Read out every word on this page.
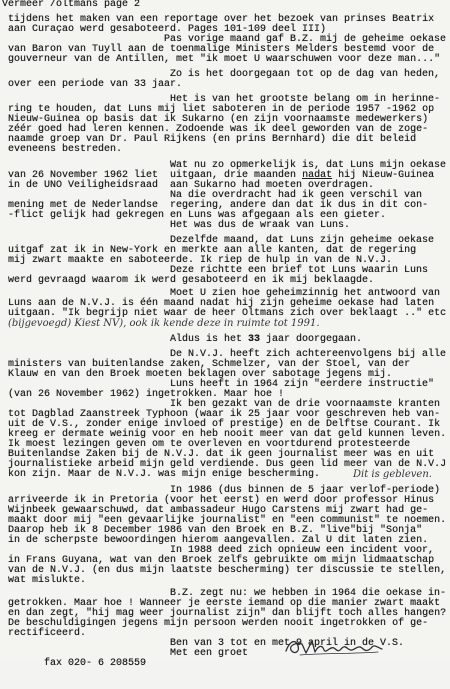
Vermeer /oltmans page 2
tijdens het maken van een reportage over het bezoek van prinses Beatrix
aan Curaçao werd gesaboteerd. Pages 101-109 deel III)
Pas vorige maand gaf B.Z. mij de geheime oekase
van Baron van Tuyll aan de toenmalige Ministers Melders bestemd voor de
gouverneur van de Antillen, met "ik moet U waarschuwen voor deze man..."
Zo is het doorgegaan tot op de dag van heden,
over een periode van 33 jaar.
Het is van het grootste belang om in herinne-
ring te houden, dat Luns mij liet saboteren in de periode 1957 -1962 op
Nieuw-Guinea op basis dat ik Sukarno (en zijn voornaamste medewerkers)
zéér goed had leren kennen. Zodoende was ik deel geworden van de zoge-
naamde groep van Dr. Paul Rijkens (en prins Bernhard) die dit beleid
eveneens bestreden.
Wat nu zo opmerkelijk is, dat Luns mijn oekase
van 26 November 1962 liet  uitgaan, drie maanden nadat hij Nieuw-Guinea
in de UNO Veiligheidsraad  aan Sukarno had moeten overdragen.
Na die overdracht had ik geen verschil van
mening met de Nederlandse  regering, andere dan dat ik dus in dit con-
-flict gelijk had gekregen en Luns was afgegaan als een gieter.
Het was dus de wraak van Luns.
Dezelfde maand, dat Luns zijn geheime oekase
uitgaf zat ik in New-York en merkte aan alle kanten, dat de regering
mij zwart maakte en saboteerde. Ik riep de hulp in van de N.V.J.
Deze richtte een brief tot Luns waarin Luns
werd gevraagd waarom ik werd gesaboteerd en ik mij beklaagde.
Moet U zien hoe geheimzinnig het antwoord van
Luns aan de N.V.J. is één maand nadat hij zijn geheime oekase had laten
uitgaan. "Ik begrijp niet waar de heer Oltmans zich over beklaagt .." etc
(bijgevoegd) Kiest NV), ook ik kende deze in ruimte tot 1991.
Aldus is het 33 jaar doorgegaan.
De N.V.J. heeft zich achtereenvolgens bij alle
ministers van buitenlandse zaken, Schmelzer, van der Stoel, van der
Klauw en van den Broek moeten beklagen over sabotage jegens mij.
Luns heeft in 1964 zijn "eerdere instructie"
(van 26 November 1962) ingetrokken. Maar hoe !
Ik ben gezakt van de drie voornaamste kranten
tot Dagblad Zaanstreek Typhoon (waar ik 25 jaar voor geschreven heb van-
uit de V.S., zonder enige invloed of prestige) en de Delftse Courant. Ik
kreeg er dermate weinig voor en heb nooit meer van dat geld kunnen leven.
Ik moest lezingen geven om te overleven en voortdurend protesteerde
Buitenlandse Zaken bij de N.V.J. dat ik geen journalist meer was en uit
journalistieke arbeid mijn geld verdiende. Dus geen lid meer van de N.V.J
kon zijn. Maar de N.V.J. was mijn enige bescherming.	Dit is gebleven.
In 1986 (dus binnen de 5 jaar verlof-periode)
arriveerde ik in Pretoria (voor het eerst) en werd door professor Hinus
Wijnbeek gewaarschuwd, dat ambassadeur Hugo Carstens mij zwart had ge-
maakt door mij "een gevaarlijke journalist" en "een communist" te noemen.
Daarop heb ik 8 December 1986 van den Broek en B.Z. "live"bij "Sonja"
in de scherpste bewoordingen hierom aangevallen. Zal U dit laten zien.
In 1988 deed zich opnieuw een incident voor,
in Frans Guyana, wat van den Broek zelfs gebruikte om mijn lidmaatschap
van de N.V.J. (en dus mijn laatste bescherming) ter discussie te stellen,
wat mislukte.
B.Z. zegt nu: we hebben in 1964 die oekase in-
getrokken. Maar hoe ! Wanneer je eerste iemand op die manier zwart maakt
en dan zegt, "hij mag weer journalist zijn" dan blijft toch alles hangen?
De beschuldigingen jegens mijn persoon werden nooit ingetrokken of ge-
rectificeerd.
Ben van 3 tot en met 9 april in de V.S.

fax 020- 6 208559

Met een groet
